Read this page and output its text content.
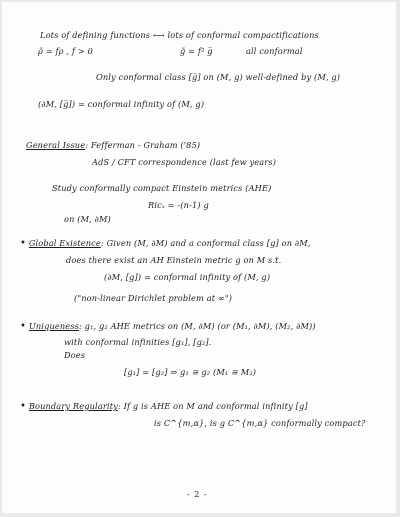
Lots of defining functions ⟷ lots of conformal compactifications
ρ̃ = fρ , f > 0	g̃ = f² g̅	all conformal
Only conformal class [g̅] on (M, g) well-defined by (M, g)
(∂M, [g̅]) = conformal infinity of (M, g)
General Issue: Fefferman - Graham ('85)
AdS / CFT correspondence (last few years)
Study conformally compact Einstein metrics (AHE)
Ricₓ = -(n-1) g
on (M, ∂M)
• Global Existence: Given (M, ∂M) and a conformal class [g] on ∂M,
does there exist an AH Einstein metric g on M s.t.
(∂M, [g]) = conformal infinity of (M, g)
("non-linear Dirichlet problem at ∞")
• Uniqueness: g₁, g₂ AHE metrics on (M, ∂M) (or (M₁, ∂M), (M₂, ∂M))
with conformal infinities [g₁], [g₂].
Does
[g₁] = [g₂] ⇒ g₁ ≅ g₂ (M₁ ≅ M₂)
• Boundary Regularity: If g is AHE on M and conformal infinity [g]
is C^{m,α}, is g C^{m,α} conformally compact?
- 2 -
